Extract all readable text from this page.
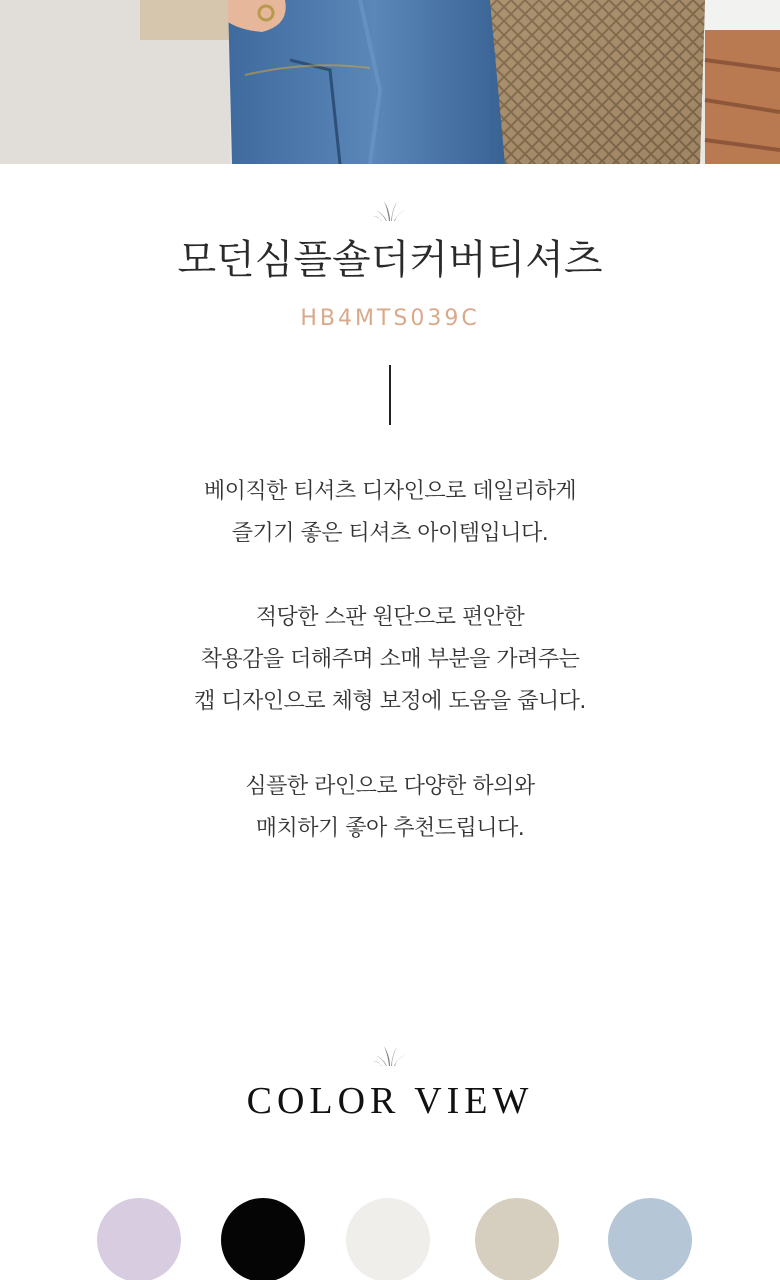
모던심플숄더커버티셔츠
HB4MTS039C
베이직한 티셔츠 디자인으로 데일리하게
즐기기 좋은 티셔츠 아이템입니다.
적당한 스판 원단으로 편안한
착용감을 더해주며 소매 부분을 가려주는
캡 디자인으로 체형 보정에 도움을 줍니다.
심플한 라인으로 다양한 하의와
매치하기 좋아 추천드립니다.
COLOR VIEW
